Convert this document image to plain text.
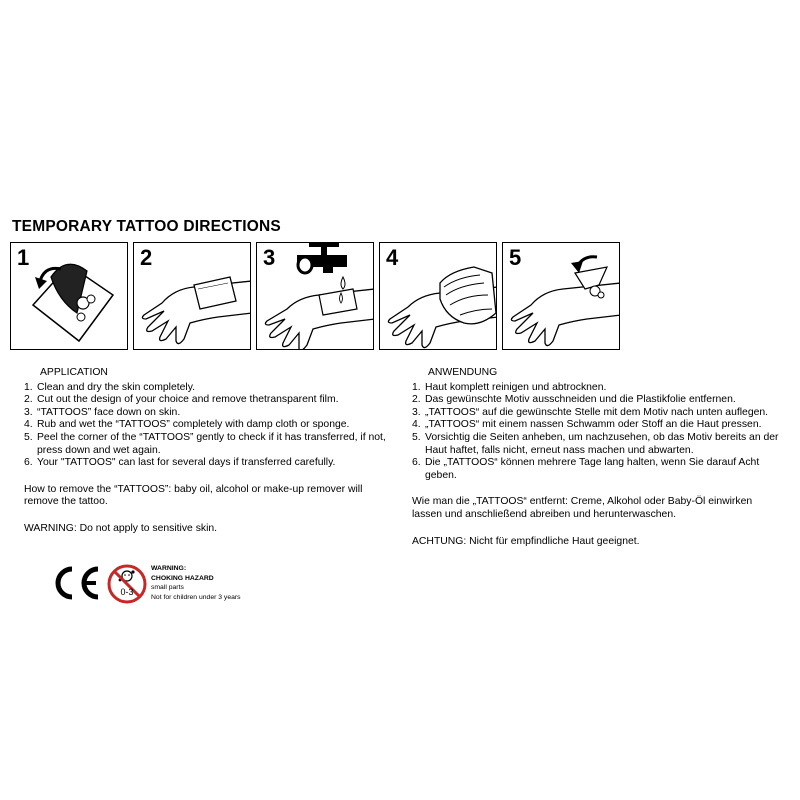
TEMPORARY TATTOO DIRECTIONS
1	2	3	4	5
APPLICATION
1. Clean and dry the skin completely.
2. Cut out the design of your choice and remove thetransparent film.
3. “TATTOOS” face down on skin.
4. Rub and wet the “TATTOOS” completely with damp cloth or sponge.
5. Peel the corner of the “TATTOOS” gently to check if it has transferred, if not, press down and wet again.
6. Your "TATTOOS" can last for several days if transferred carefully.

How to remove the “TATTOOS”: baby oil, alcohol or make-up remover will remove the tattoo.

WARNING: Do not apply to sensitive skin.

ANWENDUNG
1. Haut komplett reinigen und abtrocknen.
2. Das gewünschte Motiv ausschneiden und die Plastikfolie entfernen.
3. „TATTOOS“ auf die gewünschte Stelle mit dem Motiv nach unten auflegen.
4. „TATTOOS“ mit einem nassen Schwamm oder Stoff an die Haut pressen.
5. Vorsichtig die Seiten anheben, um nachzusehen, ob das Motiv bereits an der Haut haftet, falls nicht, erneut nass machen und abwarten.
6. Die „TATTOOS“ können mehrere Tage lang halten, wenn Sie darauf Acht geben.

Wie man die „TATTOOS“ entfernt: Creme, Alkohol oder Baby-Öl einwirken lassen und anschließend abreiben und herunterwaschen.

ACHTUNG: Nicht für empfindliche Haut geeignet.

0-3
WARNING:
CHOKING HAZARD
small parts
Not for children under 3 years
